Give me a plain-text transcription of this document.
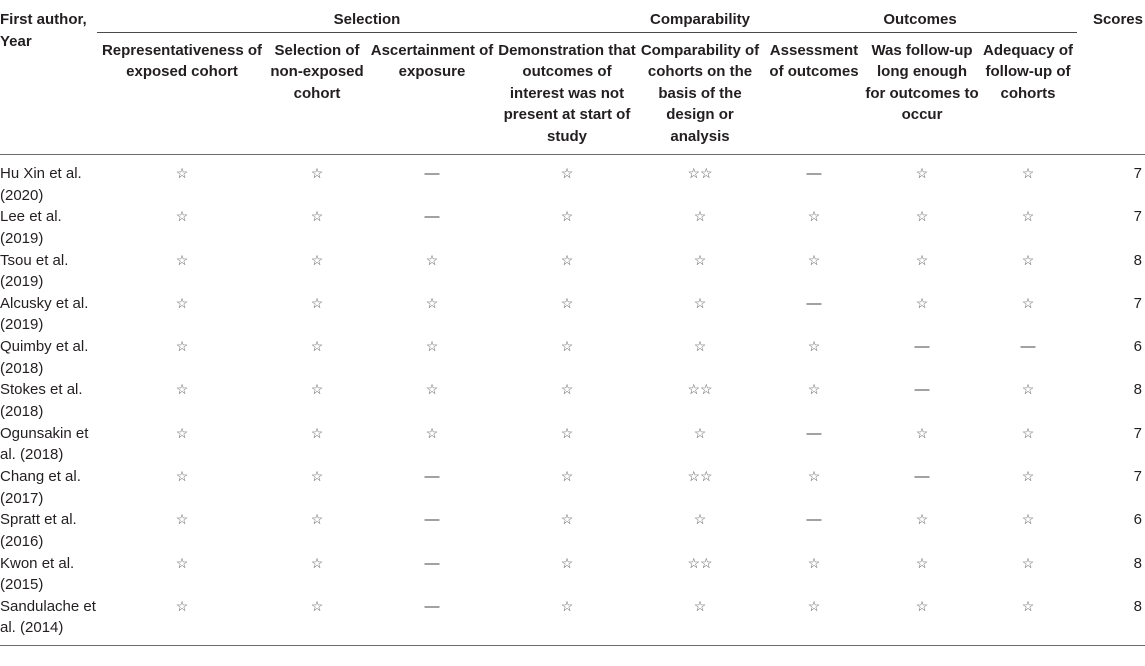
First author, Year	Selection				Comparability	Outcomes			Scores
	Representativeness of exposed cohort	Selection of non-exposed cohort	Ascertainment of exposure	Demonstration that outcomes of interest was not present at start of study	Comparability of cohorts on the basis of the design or analysis	Assessment of outcomes	Was follow-up long enough for outcomes to occur	Adequacy of follow-up of cohorts	
Hu Xin et al. (2020)	☆	☆	—	☆	☆☆	—	☆	☆	7
Lee et al. (2019)	☆	☆	—	☆	☆	☆	☆	☆	7
Tsou et al. (2019)	☆	☆	☆	☆	☆	☆	☆	☆	8
Alcusky et al. (2019)	☆	☆	☆	☆	☆	—	☆	☆	7
Quimby et al. (2018)	☆	☆	☆	☆	☆	☆	—	—	6
Stokes et al. (2018)	☆	☆	☆	☆	☆☆	☆	—	☆	8
Ogunsakin et al. (2018)	☆	☆	☆	☆	☆	—	☆	☆	7
Chang et al. (2017)	☆	☆	—	☆	☆☆	☆	—	☆	7
Spratt et al. (2016)	☆	☆	—	☆	☆	—	☆	☆	6
Kwon et al. (2015)	☆	☆	—	☆	☆☆	☆	☆	☆	8
Sandulache et al. (2014)	☆	☆	—	☆	☆	☆	☆	☆	8
